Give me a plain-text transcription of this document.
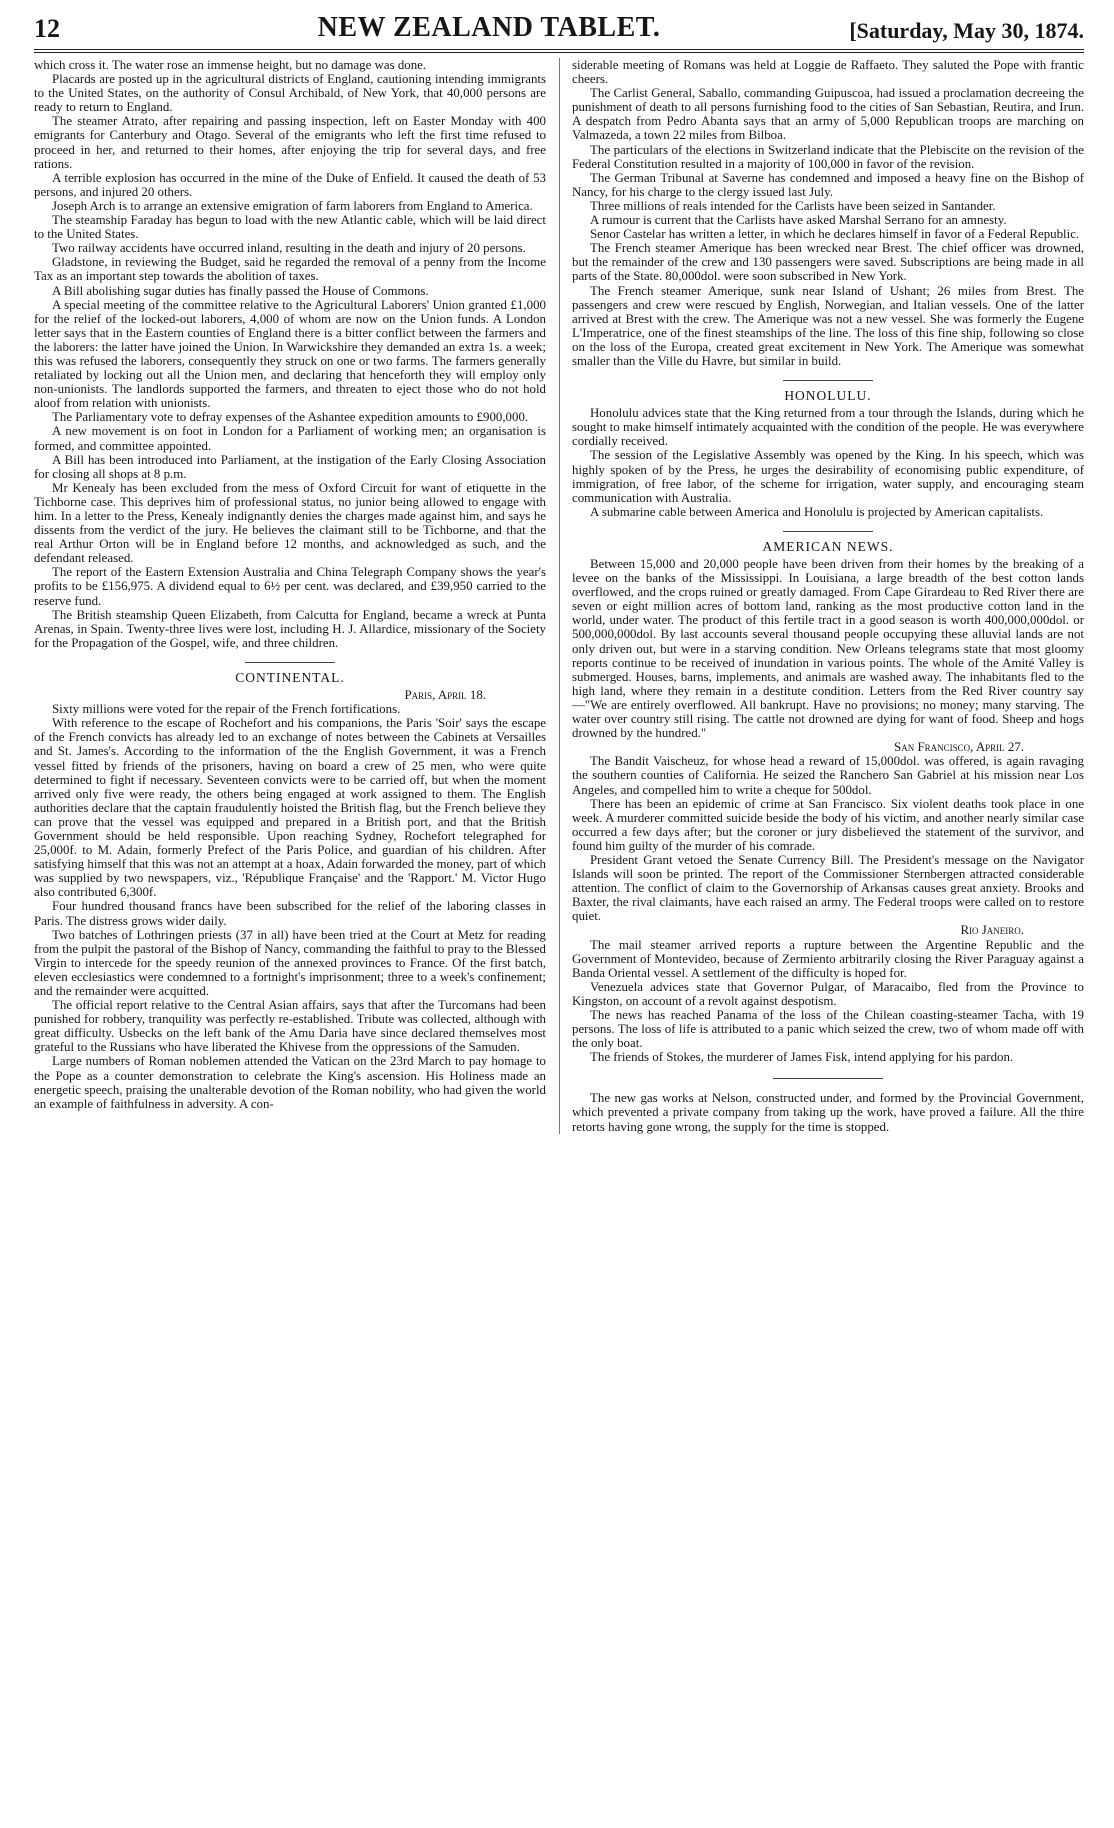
12	NEW ZEALAND TABLET.	[Saturday, May 30, 1874.

which cross it. The water rose an immense height, but no damage was done.

Placards are posted up in the agricultural districts of England, cautioning intending immigrants to the United States, on the authority of Consul Archibald, of New York, that 40,000 persons are ready to return to England.

The steamer Atrato, after repairing and passing inspection, left on Easter Monday with 400 emigrants for Canterbury and Otago. Several of the emigrants who left the first time refused to proceed in her, and returned to their homes, after enjoying the trip for several days, and free rations.

A terrible explosion has occurred in the mine of the Duke of Enfield. It caused the death of 53 persons, and injured 20 others.

Joseph Arch is to arrange an extensive emigration of farm laborers from England to America.

The steamship Faraday has begun to load with the new Atlantic cable, which will be laid direct to the United States.

Two railway accidents have occurred inland, resulting in the death and injury of 20 persons.

Gladstone, in reviewing the Budget, said he regarded the removal of a penny from the Income Tax as an important step towards the abolition of taxes.

A Bill abolishing sugar duties has finally passed the House of Commons.

A special meeting of the committee relative to the Agricultural Laborers' Union granted £1,000 for the relief of the locked-out laborers, 4,000 of whom are now on the Union funds. A London letter says that in the Eastern counties of England there is a bitter conflict between the farmers and the laborers: the latter have joined the Union. In Warwickshire they demanded an extra 1s. a week; this was refused the laborers, consequently they struck on one or two farms. The farmers generally retaliated by locking out all the Union men, and declaring that henceforth they will employ only non-unionists. The landlords supported the farmers, and threaten to eject those who do not hold aloof from relation with unionists.

The Parliamentary vote to defray expenses of the Ashantee expedition amounts to £900,000.

A new movement is on foot in London for a Parliament of working men; an organisation is formed, and committee appointed.

A Bill has been introduced into Parliament, at the instigation of the Early Closing Association for closing all shops at 8 p.m.

Mr Kenealy has been excluded from the mess of Oxford Circuit for want of etiquette in the Tichborne case. This deprives him of professional status, no junior being allowed to engage with him. In a letter to the Press, Kenealy indignantly denies the charges made against him, and says he dissents from the verdict of the jury. He believes the claimant still to be Tichborne, and that the real Arthur Orton will be in England before 12 months, and acknowledged as such, and the defendant released.

The report of the Eastern Extension Australia and China Telegraph Company shows the year's profits to be £156,975. A dividend equal to 6½ per cent. was declared, and £39,950 carried to the reserve fund.

The British steamship Queen Elizabeth, from Calcutta for England, became a wreck at Punta Arenas, in Spain. Twenty-three lives were lost, including H. J. Allardice, missionary of the Society for the Propagation of the Gospel, wife, and three children.

CONTINENTAL.
Paris, April 18.

Sixty millions were voted for the repair of the French fortifications.

With reference to the escape of Rochefort and his companions, the Paris 'Soir' says the escape of the French convicts has already led to an exchange of notes between the Cabinets at Versailles and St. James's. According to the information of the the English Government, it was a French vessel fitted by friends of the prisoners, having on board a crew of 25 men, who were quite determined to fight if necessary. Seventeen convicts were to be carried off, but when the moment arrived only five were ready, the others being engaged at work assigned to them. The English authorities declare that the captain fraudulently hoisted the British flag, but the French believe they can prove that the vessel was equipped and prepared in a British port, and that the British Government should be held responsible. Upon reaching Sydney, Rochefort telegraphed for 25,000f. to M. Adain, formerly Prefect of the Paris Police, and guardian of his children. After satisfying himself that this was not an attempt at a hoax, Adain forwarded the money, part of which was supplied by two newspapers, viz., 'République Française' and the 'Rapport.' M. Victor Hugo also contributed 6,300f.

Four hundred thousand francs have been subscribed for the relief of the laboring classes in Paris. The distress grows wider daily.

Two batches of Lothringen priests (37 in all) have been tried at the Court at Metz for reading from the pulpit the pastoral of the Bishop of Nancy, commanding the faithful to pray to the Blessed Virgin to intercede for the speedy reunion of the annexed provinces to France. Of the first batch, eleven ecclesiastics were condemned to a fortnight's imprisonment; three to a week's confinement; and the remainder were acquitted.

The official report relative to the Central Asian affairs, says that after the Turcomans had been punished for robbery, tranquility was perfectly re-established. Tribute was collected, although with great difficulty. Usbecks on the left bank of the Amu Daria have since declared themselves most grateful to the Russians who have liberated the Khivese from the oppressions of the Samuden.

Large numbers of Roman noblemen attended the Vatican on the 23rd March to pay homage to the Pope as a counter demonstration to celebrate the King's ascension. His Holiness made an energetic speech, praising the unalterable devotion of the Roman nobility, who had given the world an example of faithfulness in adversity. A con-

siderable meeting of Romans was held at Loggie de Raffaeto. They saluted the Pope with frantic cheers.

The Carlist General, Saballo, commanding Guipuscoa, had issued a proclamation decreeing the punishment of death to all persons furnishing food to the cities of San Sebastian, Reutira, and Irun. A despatch from Pedro Abanta says that an army of 5,000 Republican troops are marching on Valmazeda, a town 22 miles from Bilboa.

The particulars of the elections in Switzerland indicate that the Plebiscite on the revision of the Federal Constitution resulted in a majority of 100,000 in favor of the revision.

The German Tribunal at Saverne has condemned and imposed a heavy fine on the Bishop of Nancy, for his charge to the clergy issued last July.

Three millions of reals intended for the Carlists have been seized in Santander.

A rumour is current that the Carlists have asked Marshal Serrano for an amnesty.

Senor Castelar has written a letter, in which he declares himself in favor of a Federal Republic.

The French steamer Amerique has been wrecked near Brest. The chief officer was drowned, but the remainder of the crew and 130 passengers were saved. Subscriptions are being made in all parts of the State. 80,000dol. were soon subscribed in New York.

The French steamer Amerique, sunk near Island of Ushant; 26 miles from Brest. The passengers and crew were rescued by English, Norwegian, and Italian vessels. One of the latter arrived at Brest with the crew. The Amerique was not a new vessel. She was formerly the Eugene L'Imperatrice, one of the finest steamships of the line. The loss of this fine ship, following so close on the loss of the Europa, created great excitement in New York. The Amerique was somewhat smaller than the Ville du Havre, but similar in build.

HONOLULU.

Honolulu advices state that the King returned from a tour through the Islands, during which he sought to make himself intimately acquainted with the condition of the people. He was everywhere cordially received.

The session of the Legislative Assembly was opened by the King. In his speech, which was highly spoken of by the Press, he urges the desirability of economising public expenditure, of immigration, of free labor, of the scheme for irrigation, water supply, and encouraging steam communication with Australia.

A submarine cable between America and Honolulu is projected by American capitalists.

AMERICAN NEWS.

Between 15,000 and 20,000 people have been driven from their homes by the breaking of a levee on the banks of the Mississippi. In Louisiana, a large breadth of the best cotton lands overflowed, and the crops ruined or greatly damaged. From Cape Girardeau to Red River there are seven or eight million acres of bottom land, ranking as the most productive cotton land in the world, under water. The product of this fertile tract in a good season is worth 400,000,000dol. or 500,000,000dol. By last accounts several thousand people occupying these alluvial lands are not only driven out, but were in a starving condition. New Orleans telegrams state that most gloomy reports continue to be received of inundation in various points. The whole of the Amité Valley is submerged. Houses, barns, implements, and animals are washed away. The inhabitants fled to the high land, where they remain in a destitute condition. Letters from the Red River country say—"We are entirely overflowed. All bankrupt. Have no provisions; no money; many starving. The water over country still rising. The cattle not drowned are dying for want of food. Sheep and hogs drowned by the hundred."

San Francisco, April 27.

The Bandit Vaischeuz, for whose head a reward of 15,000dol. was offered, is again ravaging the southern counties of California. He seized the Ranchero San Gabriel at his mission near Los Angeles, and compelled him to write a cheque for 500dol.

There has been an epidemic of crime at San Francisco. Six violent deaths took place in one week. A murderer committed suicide beside the body of his victim, and another nearly similar case occurred a few days after; but the coroner or jury disbelieved the statement of the survivor, and found him guilty of the murder of his comrade.

President Grant vetoed the Senate Currency Bill. The President's message on the Navigator Islands will soon be printed. The report of the Commissioner Sternbergen attracted considerable attention. The conflict of claim to the Governorship of Arkansas causes great anxiety. Brooks and Baxter, the rival claimants, have each raised an army. The Federal troops were called on to restore quiet.

Rio Janeiro.

The mail steamer arrived reports a rupture between the Argentine Republic and the Government of Montevideo, because of Zermiento arbitrarily closing the River Paraguay against a Banda Oriental vessel. A settlement of the difficulty is hoped for.

Venezuela advices state that Governor Pulgar, of Maracaibo, fled from the Province to Kingston, on account of a revolt against despotism.

The news has reached Panama of the loss of the Chilean coasting-steamer Tacha, with 19 persons. The loss of life is attributed to a panic which seized the crew, two of whom made off with the only boat.

The friends of Stokes, the murderer of James Fisk, intend applying for his pardon.

The new gas works at Nelson, constructed under, and formed by the Provincial Government, which prevented a private company from taking up the work, have proved a failure. All the thire retorts having gone wrong, the supply for the time is stopped.
